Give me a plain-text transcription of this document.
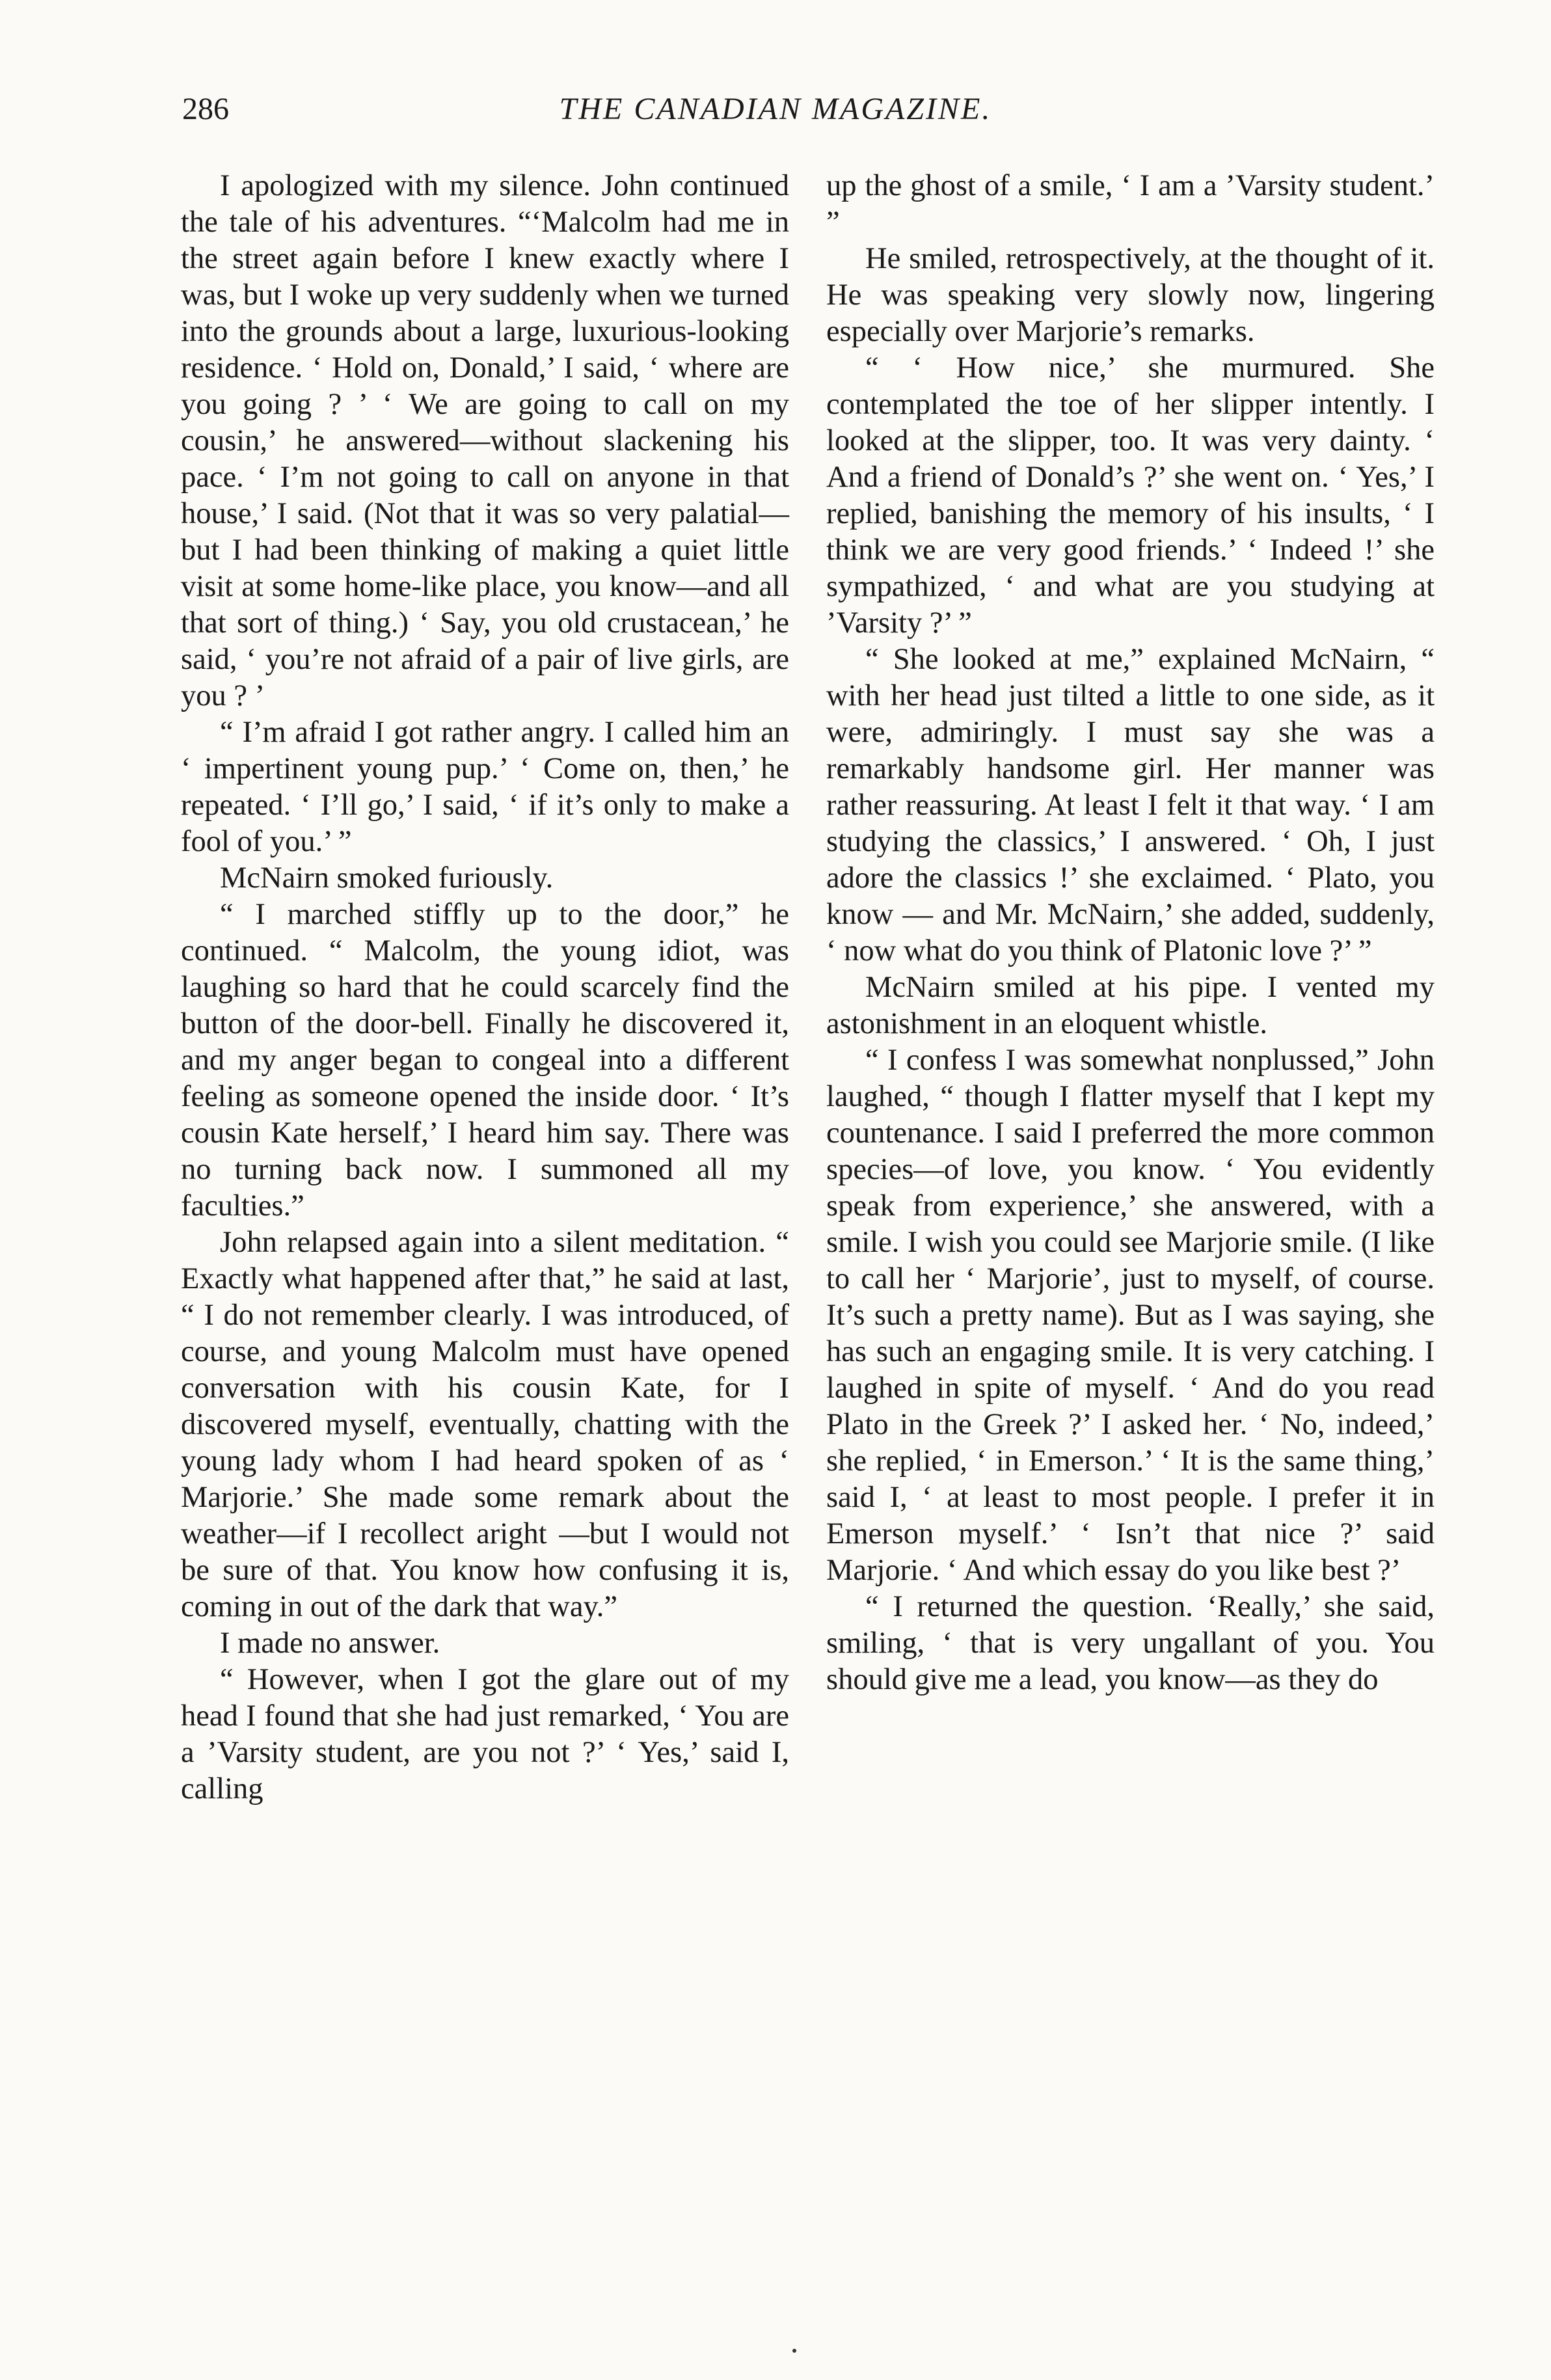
286	THE CANADIAN MAGAZINE.

I apologized with my silence. John continued the tale of his adventures. “‘Malcolm had me in the street again before I knew exactly where I was, but I woke up very suddenly when we turned into the grounds about a large, luxurious-looking residence. ‘ Hold on, Donald,’ I said, ‘ where are you going ? ’ ‘ We are going to call on my cousin,’ he answered—without slackening his pace. ‘ I’m not going to call on anyone in that house,’ I said. (Not that it was so very palatial—but I had been thinking of making a quiet little visit at some home-like place, you know—and all that sort of thing.) ‘ Say, you old crustacean,’ he said, ‘ you’re not afraid of a pair of live girls, are you ? ’

“ I’m afraid I got rather angry. I called him an ‘ impertinent young pup.’ ‘ Come on, then,’ he repeated. ‘ I’ll go,’ I said, ‘ if it’s only to make a fool of you.’ ”

McNairn smoked furiously.

“ I marched stiffly up to the door,” he continued. “ Malcolm, the young idiot, was laughing so hard that he could scarcely find the button of the door-bell. Finally he discovered it, and my anger began to congeal into a different feeling as someone opened the inside door. ‘ It’s cousin Kate herself,’ I heard him say. There was no turning back now. I summoned all my faculties.”

John relapsed again into a silent meditation. “ Exactly what happened after that,” he said at last, “ I do not remember clearly. I was introduced, of course, and young Malcolm must have opened conversation with his cousin Kate, for I discovered myself, eventually, chatting with the young lady whom I had heard spoken of as ‘ Marjorie.’ She made some remark about the weather—if I recollect aright —but I would not be sure of that. You know how confusing it is, coming in out of the dark that way.”

I made no answer.

“ However, when I got the glare out of my head I found that she had just remarked, ‘ You are a ’Varsity student, are you not ?’ ‘ Yes,’ said I, calling

up the ghost of a smile, ‘ I am a ’Varsity student.’ ”

He smiled, retrospectively, at the thought of it. He was speaking very slowly now, lingering especially over Marjorie’s remarks.

“ ‘ How nice,’ she murmured. She contemplated the toe of her slipper intently. I looked at the slipper, too. It was very dainty. ‘ And a friend of Donald’s ?’ she went on. ‘ Yes,’ I replied, banishing the memory of his insults, ‘ I think we are very good friends.’ ‘ Indeed !’ she sympathized, ‘ and what are you studying at ’Varsity ?’ ”

“ She looked at me,” explained McNairn, “ with her head just tilted a little to one side, as it were, admiringly. I must say she was a remarkably handsome girl. Her manner was rather reassuring. At least I felt it that way. ‘ I am studying the classics,’ I answered. ‘ Oh, I just adore the classics !’ she exclaimed. ‘ Plato, you know — and Mr. McNairn,’ she added, suddenly, ‘ now what do you think of Platonic love ?’ ”

McNairn smiled at his pipe. I vented my astonishment in an eloquent whistle.

“ I confess I was somewhat nonplussed,” John laughed, “ though I flatter myself that I kept my countenance. I said I preferred the more common species—of love, you know. ‘ You evidently speak from experience,’ she answered, with a smile. I wish you could see Marjorie smile. (I like to call her ‘ Marjorie’, just to myself, of course. It’s such a pretty name). But as I was saying, she has such an engaging smile. It is very catching. I laughed in spite of myself. ‘ And do you read Plato in the Greek ?’ I asked her. ‘ No, indeed,’ she replied, ‘ in Emerson.’ ‘ It is the same thing,’ said I, ‘ at least to most people. I prefer it in Emerson myself.’ ‘ Isn’t that nice ?’ said Marjorie. ‘ And which essay do you like best ?’

“ I returned the question. ‘Really,’ she said, smiling, ‘ that is very ungallant of you. You should give me a lead, you know—as they do
